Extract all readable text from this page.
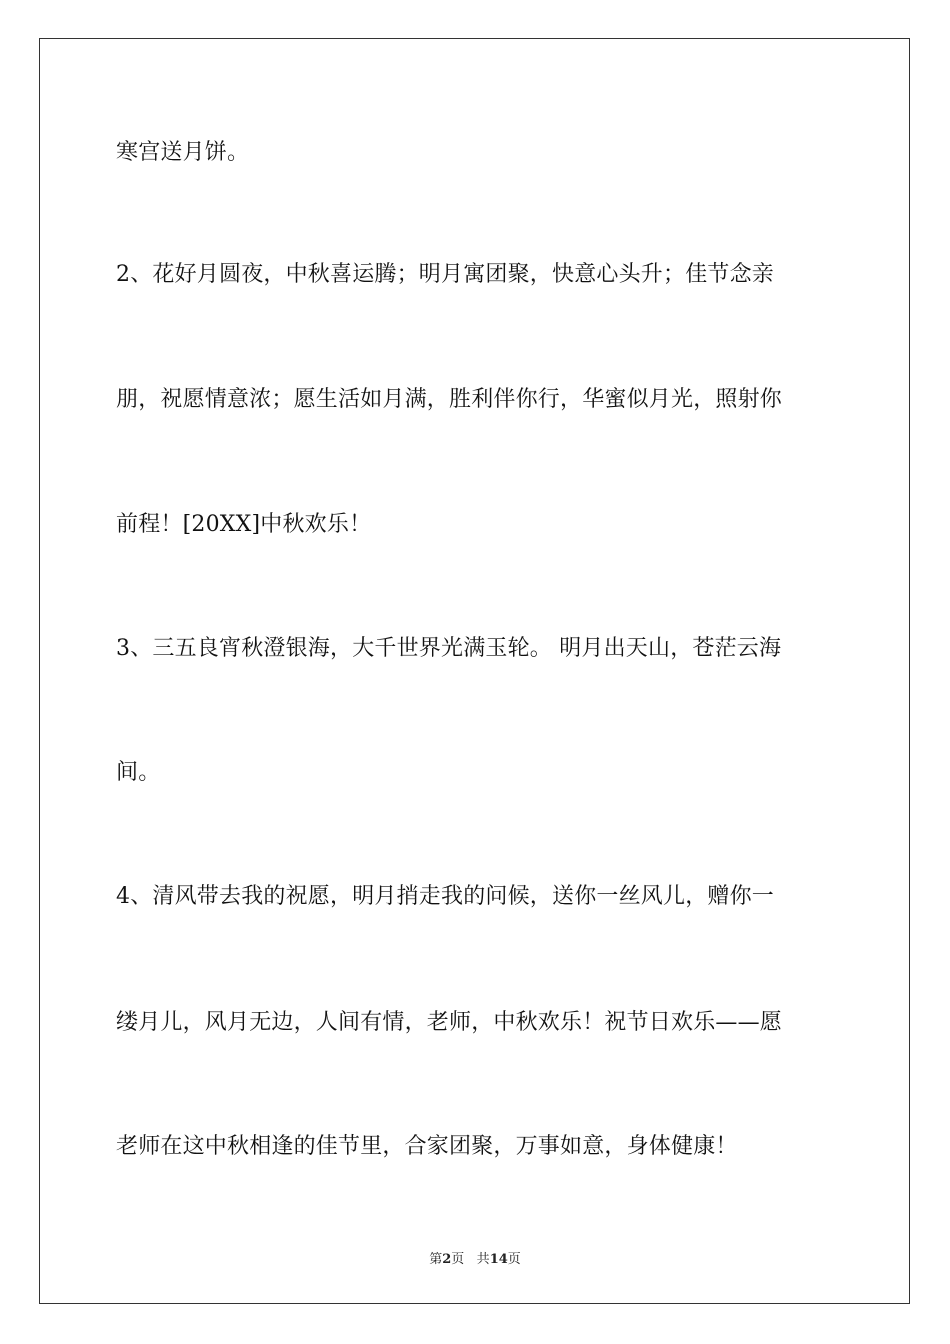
寒宫送月饼。
2、花好月圆夜，中秋喜运腾；明月寓团聚，快意心头升；佳节念亲
朋，祝愿情意浓；愿生活如月满，胜利伴你行，华蜜似月光，照射你
前程！[20XX]中秋欢乐！
3、三五良宵秋澄银海，大千世界光满玉轮。 明月出天山，苍茫云海
间。
4、清风带去我的祝愿，明月捎走我的问候，送你一丝风儿，赠你一
缕月儿，风月无边，人间有情，老师，中秋欢乐！祝节日欢乐——愿
老师在这中秋相逢的佳节里，合家团聚，万事如意，身体健康！
第2页 共14页
